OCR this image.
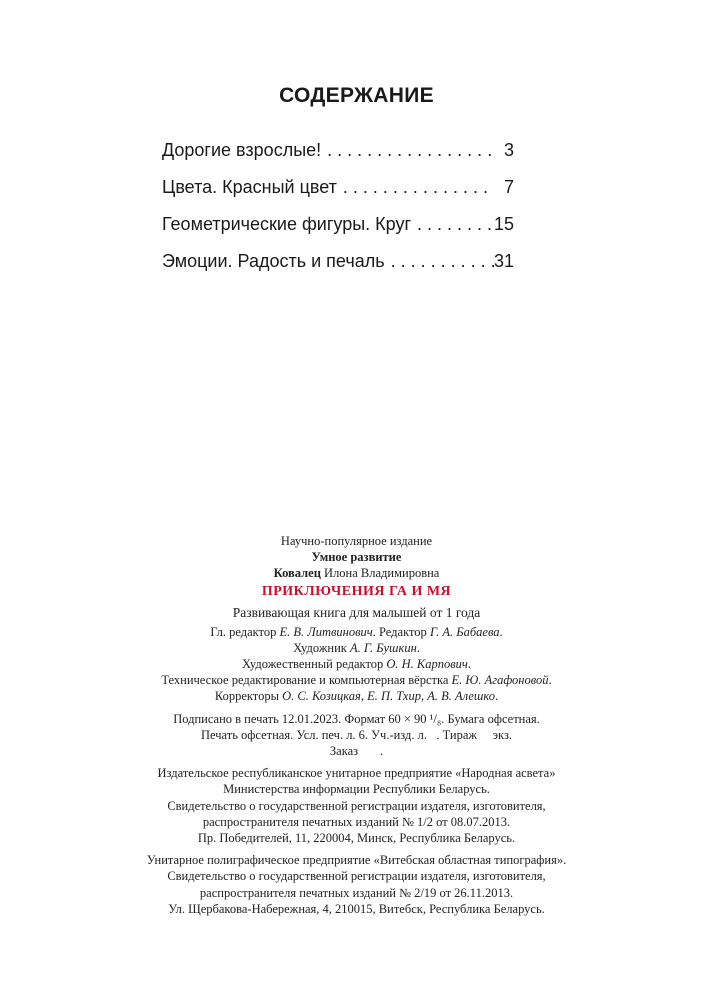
СОДЕРЖАНИЕ
Дорогие взрослые! . . .	3
Цвета. Красный цвет . . .	7
Геометрические фигуры. Круг . . .	15
Эмоции. Радость и печаль . . .	31

Научно-популярное издание

Умное развитие

Ковалец Илона Владимировна

ПРИКЛЮЧЕНИЯ ГА И МЯ

Развивающая книга для малышей от 1 года

Гл. редактор Е. В. Литвинович. Редактор Г. А. Бабаева.

Художник А. Г. Бушкин.

Художественный редактор О. Н. Карпович.

Техническое редактирование и компьютерная вёрстка Е. Ю. Агафоновой.

Корректоры О. С. Козицкая, Е. П. Тхир, А. В. Алешко.

Подписано в печать 12.01.2023. Формат 60 × 90 ¹/₈. Бумага офсетная.

Печать офсетная. Усл. печ. л. 6. Уч.-изд. л.   . Тираж     экз.

Заказ       .

Издательское республиканское унитарное предприятие «Народная асвета»

Министерства информации Республики Беларусь.

Свидетельство о государственной регистрации издателя, изготовителя,

распространителя печатных изданий № 1/2 от 08.07.2013.

Пр. Победителей, 11, 220004, Минск, Республика Беларусь.

Унитарное полиграфическое предприятие «Витебская областная типография».

Свидетельство о государственной регистрации издателя, изготовителя,

распространителя печатных изданий № 2/19 от 26.11.2013.

Ул. Щербакова-Набережная, 4, 210015, Витебск, Республика Беларусь.
